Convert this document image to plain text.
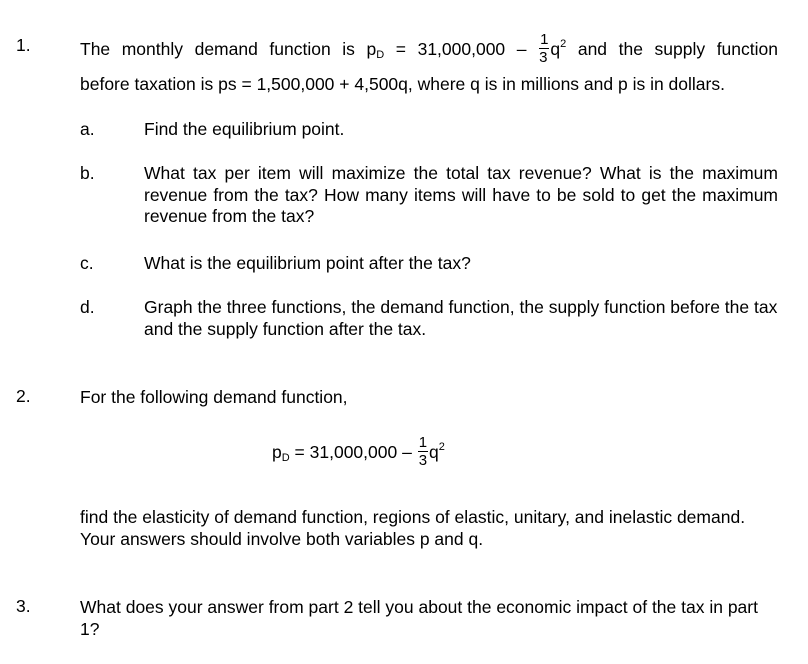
1.	The monthly demand function is $p_D = 31,000,000 - \frac{1}{3} q^2$ and the supply function
before taxation is ps = 1,500,000 + 4,500q, where q is in millions and p is in dollars.
a.	Find the equilibrium point.
b.	What tax per item will maximize the total tax revenue? What is the maximum revenue from the tax? How many items will have to be sold to get the maximum revenue from the tax?
c.	What is the equilibrium point after the tax?
d.	Graph the three functions, the demand function, the supply function before the tax and the supply function after the tax.
2.	For the following demand function,
$p_D = 31,000,000 - \frac{1}{3} q^2$
find the elasticity of demand function, regions of elastic, unitary, and inelastic demand. Your answers should involve both variables p and q.
3.	What does your answer from part 2 tell you about the economic impact of the tax in part 1?
